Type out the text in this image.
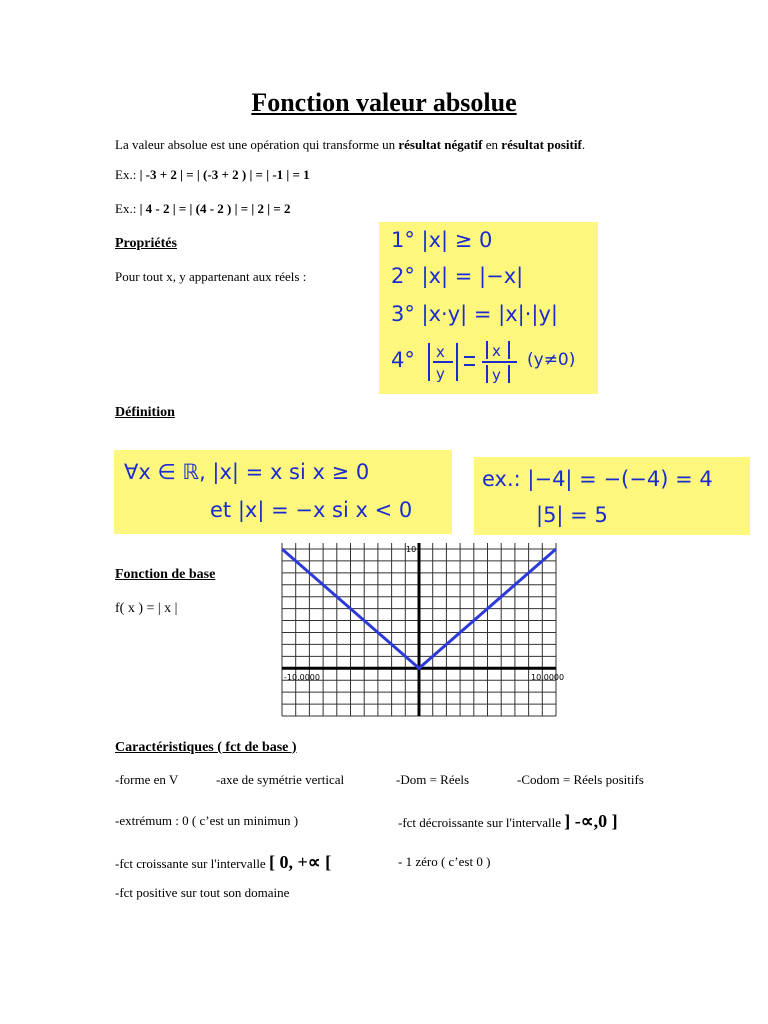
Fonction valeur absolue
La valeur absolue est une opération qui transforme un résultat négatif en résultat positif.
Ex.: | -3 + 2 | = | (-3 + 2 ) | = | -1 | = 1
Ex.: | 4 - 2 | = | (4 - 2 ) | = | 2 | = 2
Propriétés
Pour tout x, y appartenant aux réels :
1° |x| ≥ 0
2° |x| = |−x|
3° |x·y| = |x|·|y|
4° x
y
x
y
(y≠0)
Définition
∀x ∈ ℝ, |x| = x si x ≥ 0
et |x| = −x si x < 0
ex.: |−4| = −(−4) = 4
|5| = 5
Fonction de base
f( x ) = | x |
-10.0000	10.0000
10
Caractéristiques ( fct de base )
-forme en V	-axe de symétrie vertical	-Dom = Réels	-Codom = Réels positifs
-extrémum : 0 ( c’est un minimun )	-fct décroissante sur l'intervalle ] -∝,0 ]
-fct croissante sur l'intervalle [ 0, +∝ [	- 1 zéro ( c’est 0 )
-fct positive sur tout son domaine
